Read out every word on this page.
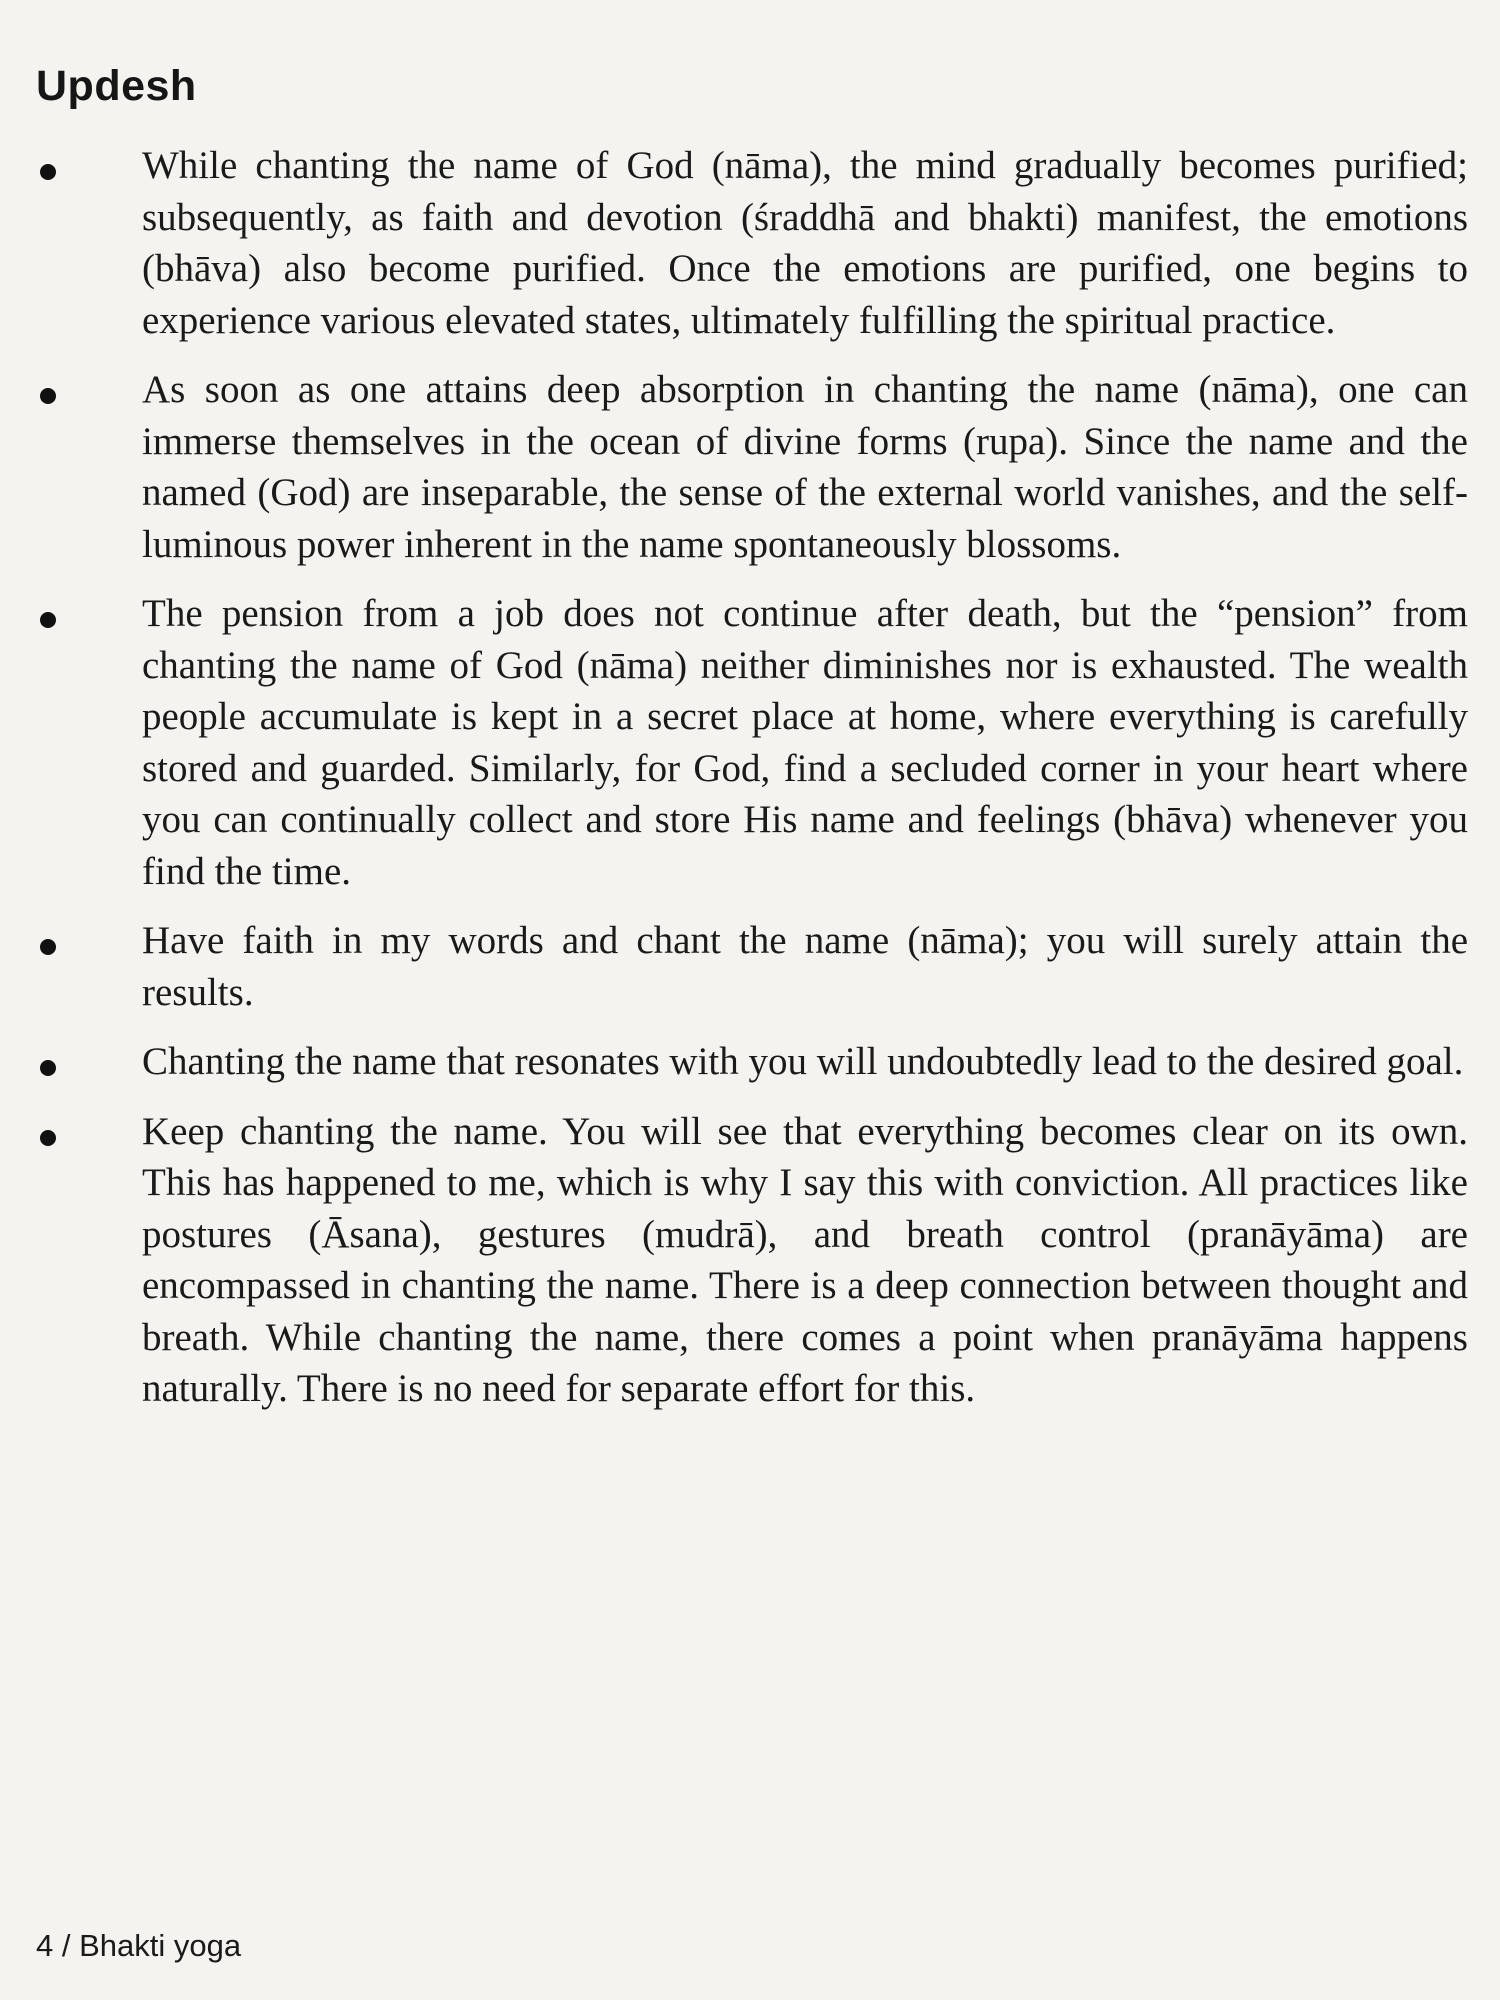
Updesh
While chanting the name of God (nāma), the mind gradually becomes purified; subsequently, as faith and devotion (śraddhā and bhakti) manifest, the emotions (bhāva) also become purified. Once the emotions are purified, one begins to experience various elevated states, ultimately fulfilling the spiritual practice.
As soon as one attains deep absorption in chanting the name (nāma), one can immerse themselves in the ocean of divine forms (rupa). Since the name and the named (God) are inseparable, the sense of the external world vanishes, and the self-luminous power inherent in the name spontaneously blossoms.
The pension from a job does not continue after death, but the “pension” from chanting the name of God (nāma) neither diminishes nor is exhausted. The wealth people accumulate is kept in a secret place at home, where everything is carefully stored and guarded. Similarly, for God, find a secluded corner in your heart where you can continually collect and store His name and feelings (bhāva) whenever you find the time.
Have faith in my words and chant the name (nāma); you will surely attain the results.
Chanting the name that resonates with you will undoubtedly lead to the desired goal.
Keep chanting the name. You will see that everything becomes clear on its own. This has happened to me, which is why I say this with conviction. All practices like postures (Āsana), gestures (mudrā), and breath control (pranāyāma) are encompassed in chanting the name. There is a deep connection between thought and breath. While chanting the name, there comes a point when pranāyāma happens naturally. There is no need for separate effort for this.
4 / Bhakti yoga
